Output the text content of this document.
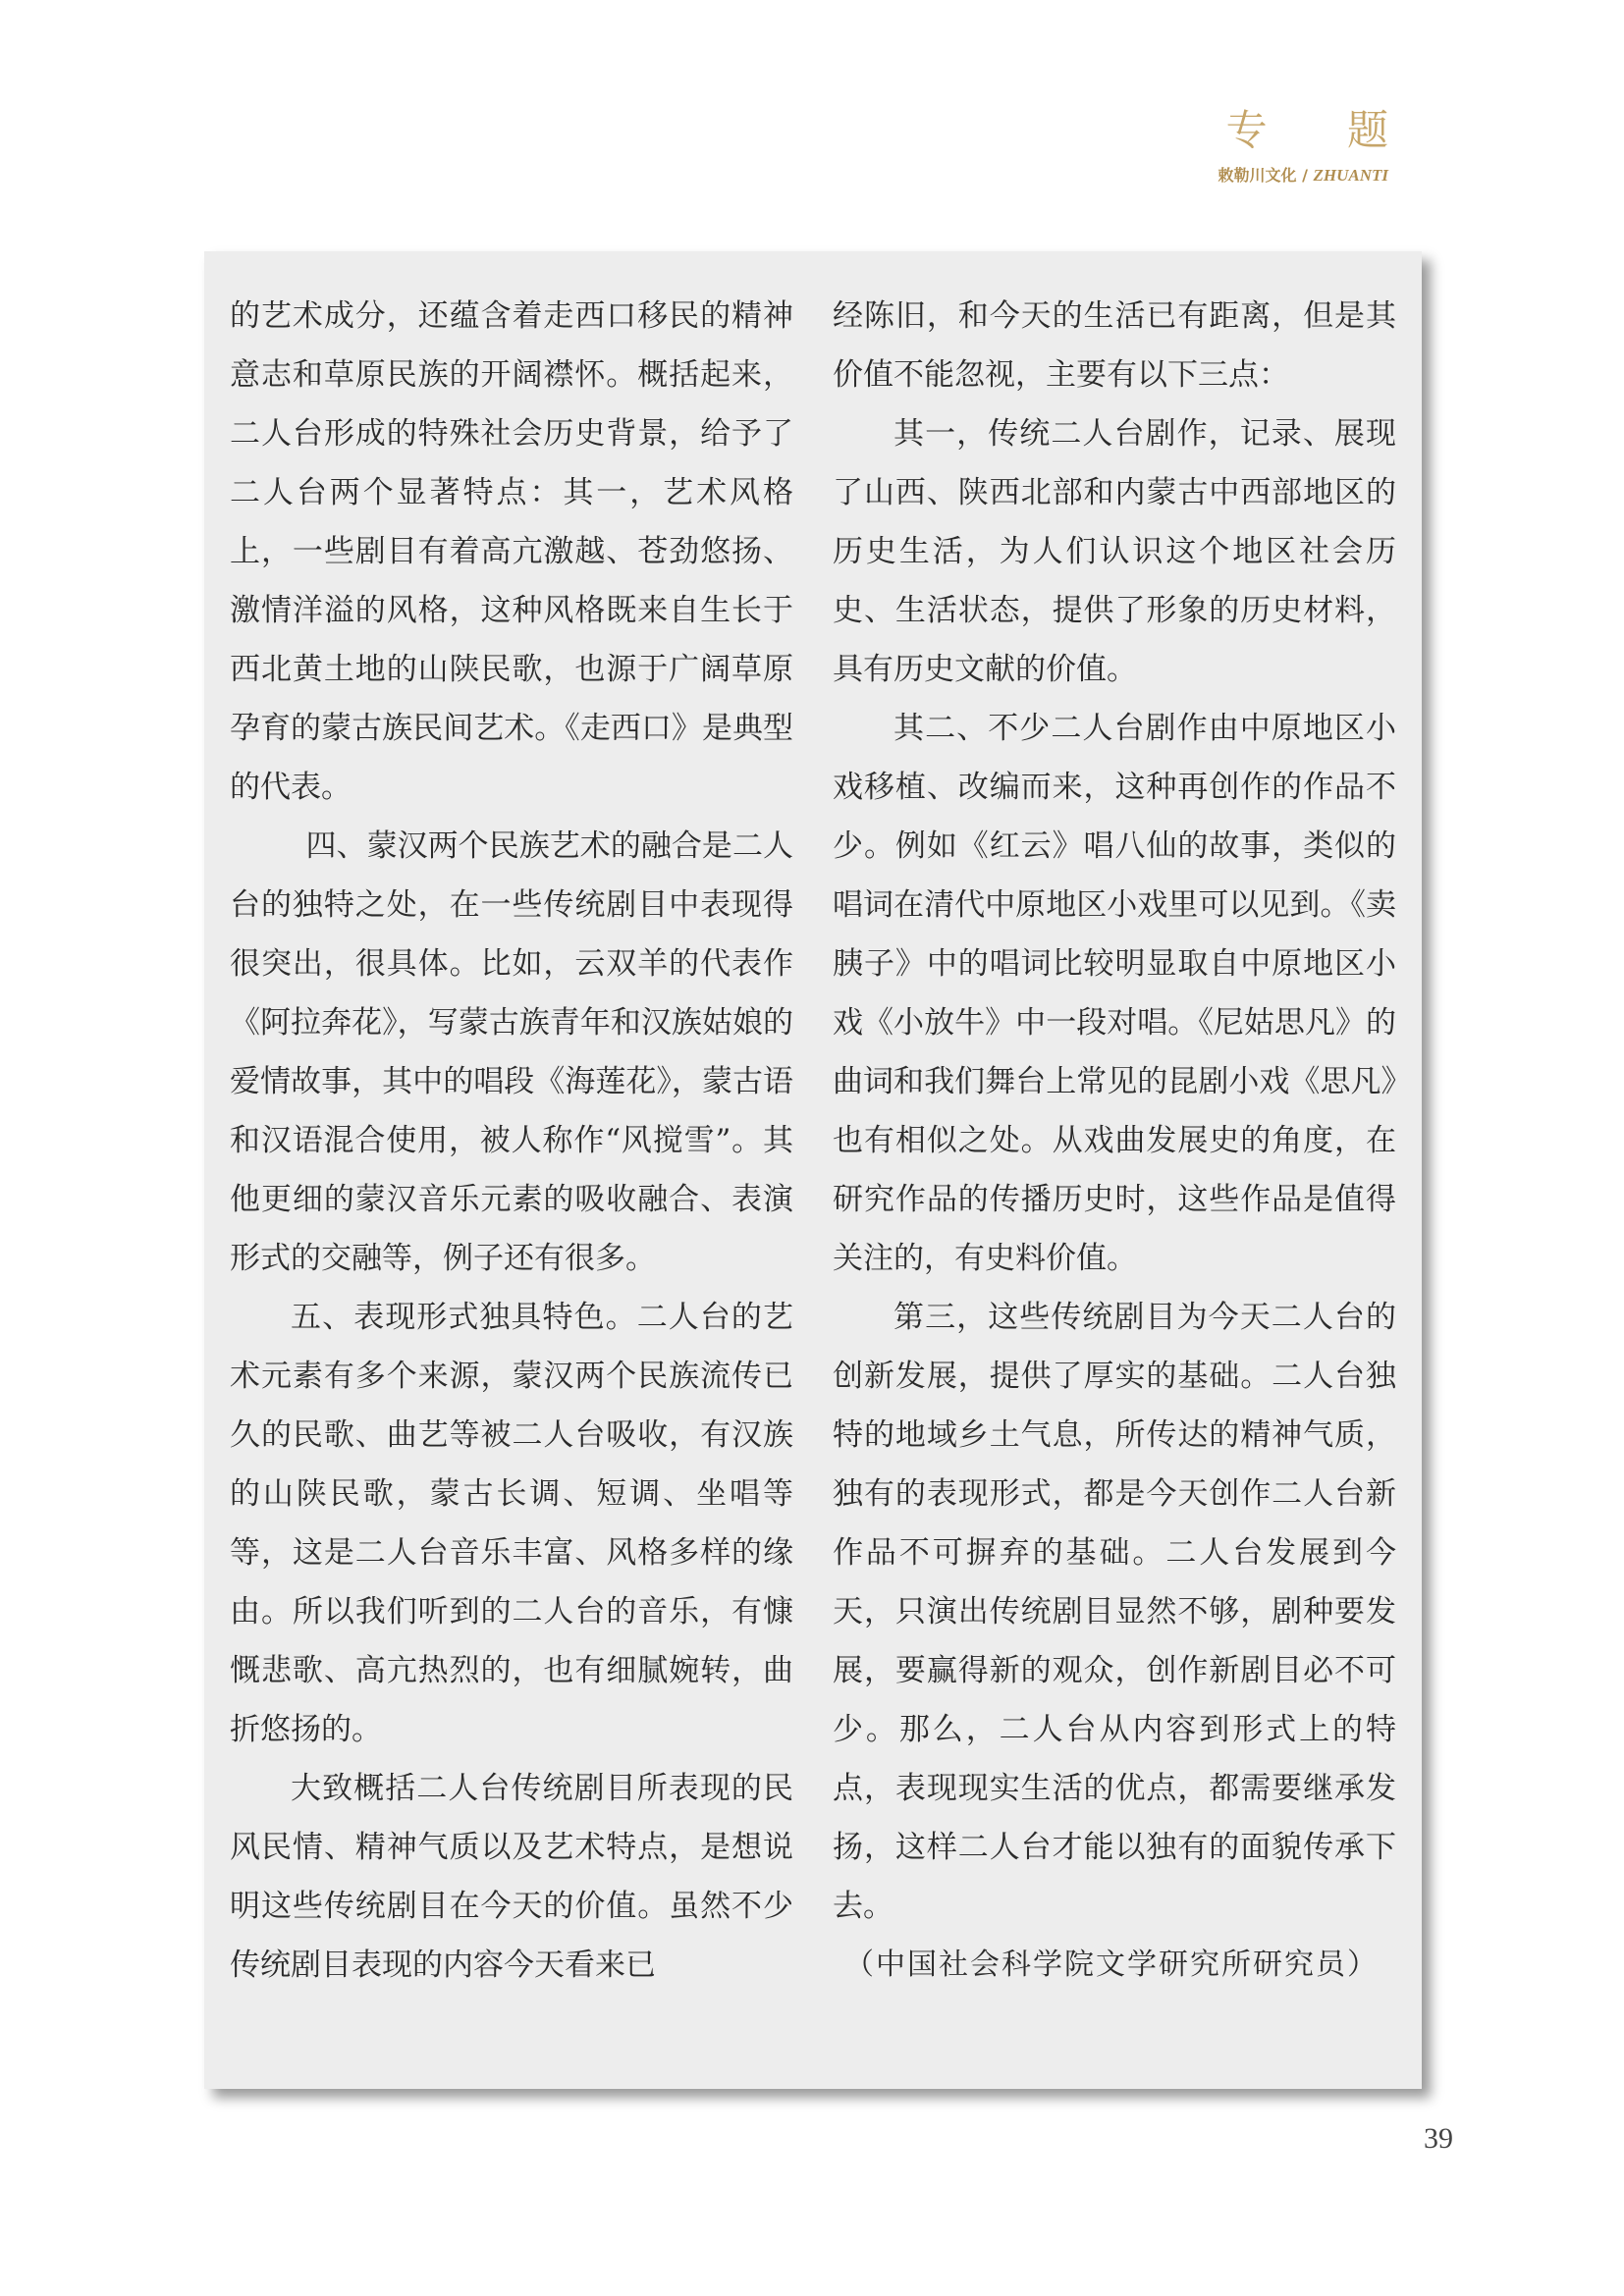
专 题
敕勒川文化 / ZHUANTI

的艺术成分，还蕴含着走西口移民的精神意志和草原民族的开阔襟怀。概括起来，二人台形成的特殊社会历史背景，给予了二人台两个显著特点：其一，艺术风格上，一些剧目有着高亢激越、苍劲悠扬、激情洋溢的风格，这种风格既来自生长于西北黄土地的山陕民歌，也源于广阔草原孕育的蒙古族民间艺术。《走西口》是典型的代表。

四、蒙汉两个民族艺术的融合是二人台的独特之处，在一些传统剧目中表现得很突出，很具体。比如，云双羊的代表作《阿拉奔花》，写蒙古族青年和汉族姑娘的爱情故事，其中的唱段《海莲花》，蒙古语和汉语混合使用，被人称作“风搅雪”。其他更细的蒙汉音乐元素的吸收融合、表演形式的交融等，例子还有很多。

五、表现形式独具特色。二人台的艺术元素有多个来源，蒙汉两个民族流传已久的民歌、曲艺等被二人台吸收，有汉族的山陕民歌，蒙古长调、短调、坐唱等等，这是二人台音乐丰富、风格多样的缘由。所以我们听到的二人台的音乐，有慷慨悲歌、高亢热烈的，也有细腻婉转，曲折悠扬的。

大致概括二人台传统剧目所表现的民风民情、精神气质以及艺术特点，是想说明这些传统剧目在今天的价值。虽然不少传统剧目表现的内容今天看来已

经陈旧，和今天的生活已有距离，但是其价值不能忽视，主要有以下三点：

其一，传统二人台剧作，记录、展现了山西、陕西北部和内蒙古中西部地区的历史生活，为人们认识这个地区社会历史、生活状态，提供了形象的历史材料，具有历史文献的价值。

其二、不少二人台剧作由中原地区小戏移植、改编而来，这种再创作的作品不少。例如《红云》唱八仙的故事，类似的唱词在清代中原地区小戏里可以见到。《卖胰子》中的唱词比较明显取自中原地区小戏《小放牛》中一段对唱。《尼姑思凡》的曲词和我们舞台上常见的昆剧小戏《思凡》也有相似之处。从戏曲发展史的角度，在研究作品的传播历史时，这些作品是值得关注的，有史料价值。

第三，这些传统剧目为今天二人台的创新发展，提供了厚实的基础。二人台独特的地域乡土气息，所传达的精神气质，独有的表现形式，都是今天创作二人台新作品不可摒弃的基础。二人台发展到今天，只演出传统剧目显然不够，剧种要发展，要赢得新的观众，创作新剧目必不可少。那么，二人台从内容到形式上的特点，表现现实生活的优点，都需要继承发扬，这样二人台才能以独有的面貌传承下去。

（中国社会科学院文学研究所研究员）
39
